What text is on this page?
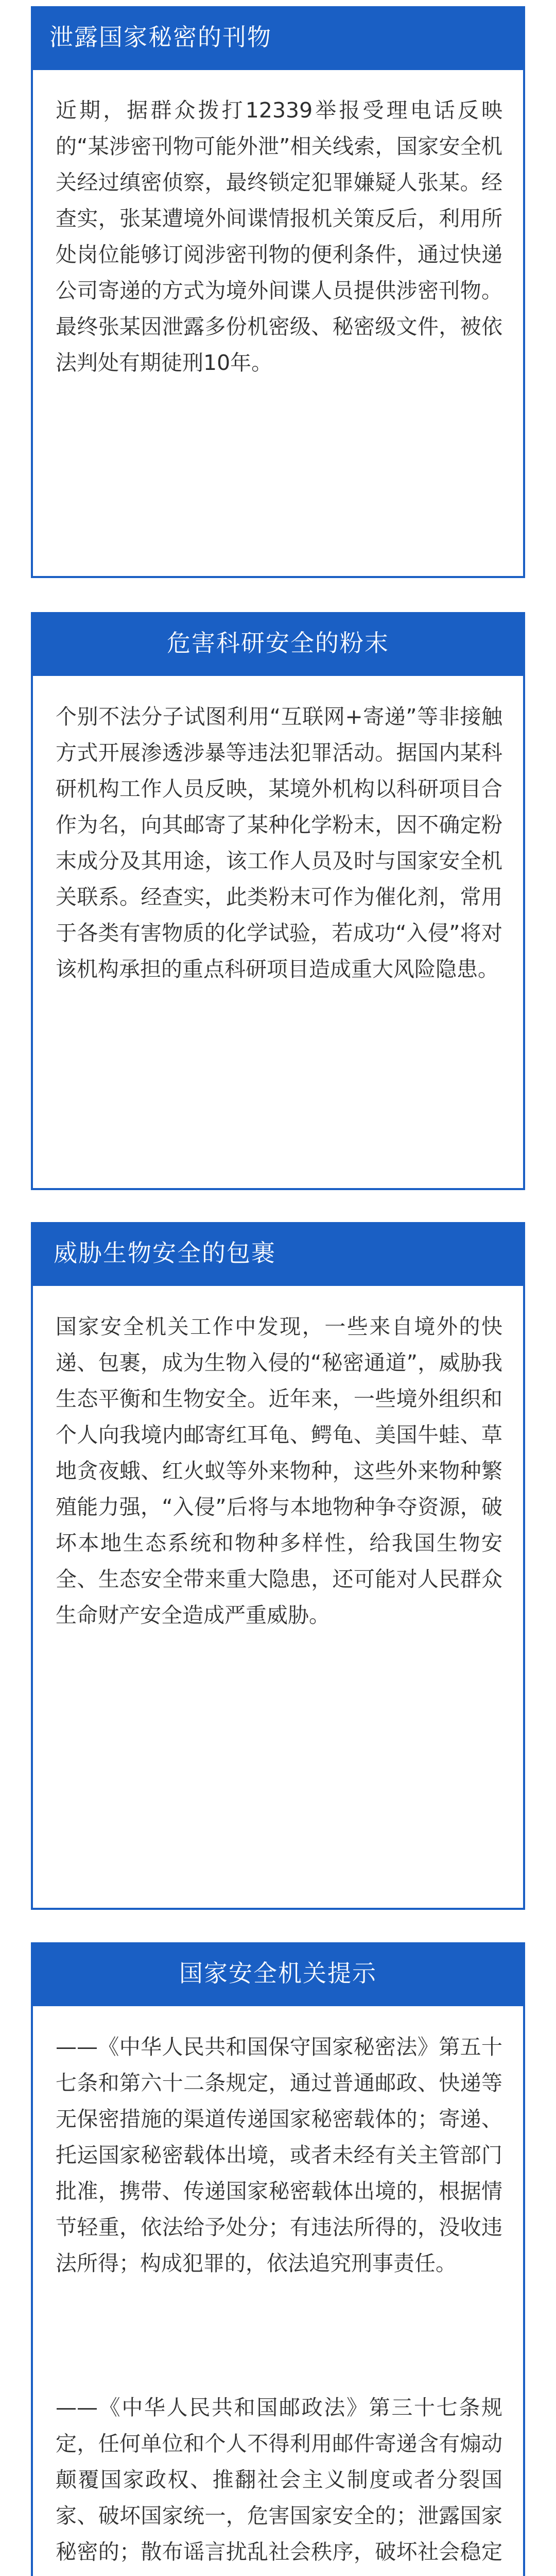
泄露国家秘密的刊物
近期，据群众拨打12339举报受理电话反映的“某涉密刊物可能外泄”相关线索，国家安全机关经过缜密侦察，最终锁定犯罪嫌疑人张某。经查实，张某遭境外间谍情报机关策反后，利用所处岗位能够订阅涉密刊物的便利条件，通过快递公司寄递的方式为境外间谍人员提供涉密刊物。最终张某因泄露多份机密级、秘密级文件，被依法判处有期徒刑10年。
危害科研安全的粉末
个别不法分子试图利用“互联网+寄递”等非接触方式开展渗透涉暴等违法犯罪活动。据国内某科研机构工作人员反映，某境外机构以科研项目合作为名，向其邮寄了某种化学粉末，因不确定粉末成分及其用途，该工作人员及时与国家安全机关联系。经查实，此类粉末可作为催化剂，常用于各类有害物质的化学试验，若成功“入侵”将对该机构承担的重点科研项目造成重大风险隐患。
威胁生物安全的包裹
国家安全机关工作中发现，一些来自境外的快递、包裹，成为生物入侵的“秘密通道”，威胁我生态平衡和生物安全。近年来，一些境外组织和个人向我境内邮寄红耳龟、鳄龟、美国牛蛙、草地贪夜蛾、红火蚁等外来物种，这些外来物种繁殖能力强，“入侵”后将与本地物种争夺资源，破坏本地生态系统和物种多样性，给我国生物安全、生态安全带来重大隐患，还可能对人民群众生命财产安全造成严重威胁。
国家安全机关提示
——《中华人民共和国保守国家秘密法》第五十七条和第六十二条规定，通过普通邮政、快递等无保密措施的渠道传递国家秘密载体的；寄递、托运国家秘密载体出境，或者未经有关主管部门批准，携带、传递国家秘密载体出境的，根据情节轻重，依法给予处分；有违法所得的，没收违法所得；构成犯罪的，依法追究刑事责任。
——《中华人民共和国邮政法》第三十七条规定，任何单位和个人不得利用邮件寄递含有煽动颠覆国家政权、推翻社会主义制度或者分裂国家、破坏国家统一，危害国家安全的；泄露国家秘密的；散布谣言扰乱社会秩序，破坏社会稳定
